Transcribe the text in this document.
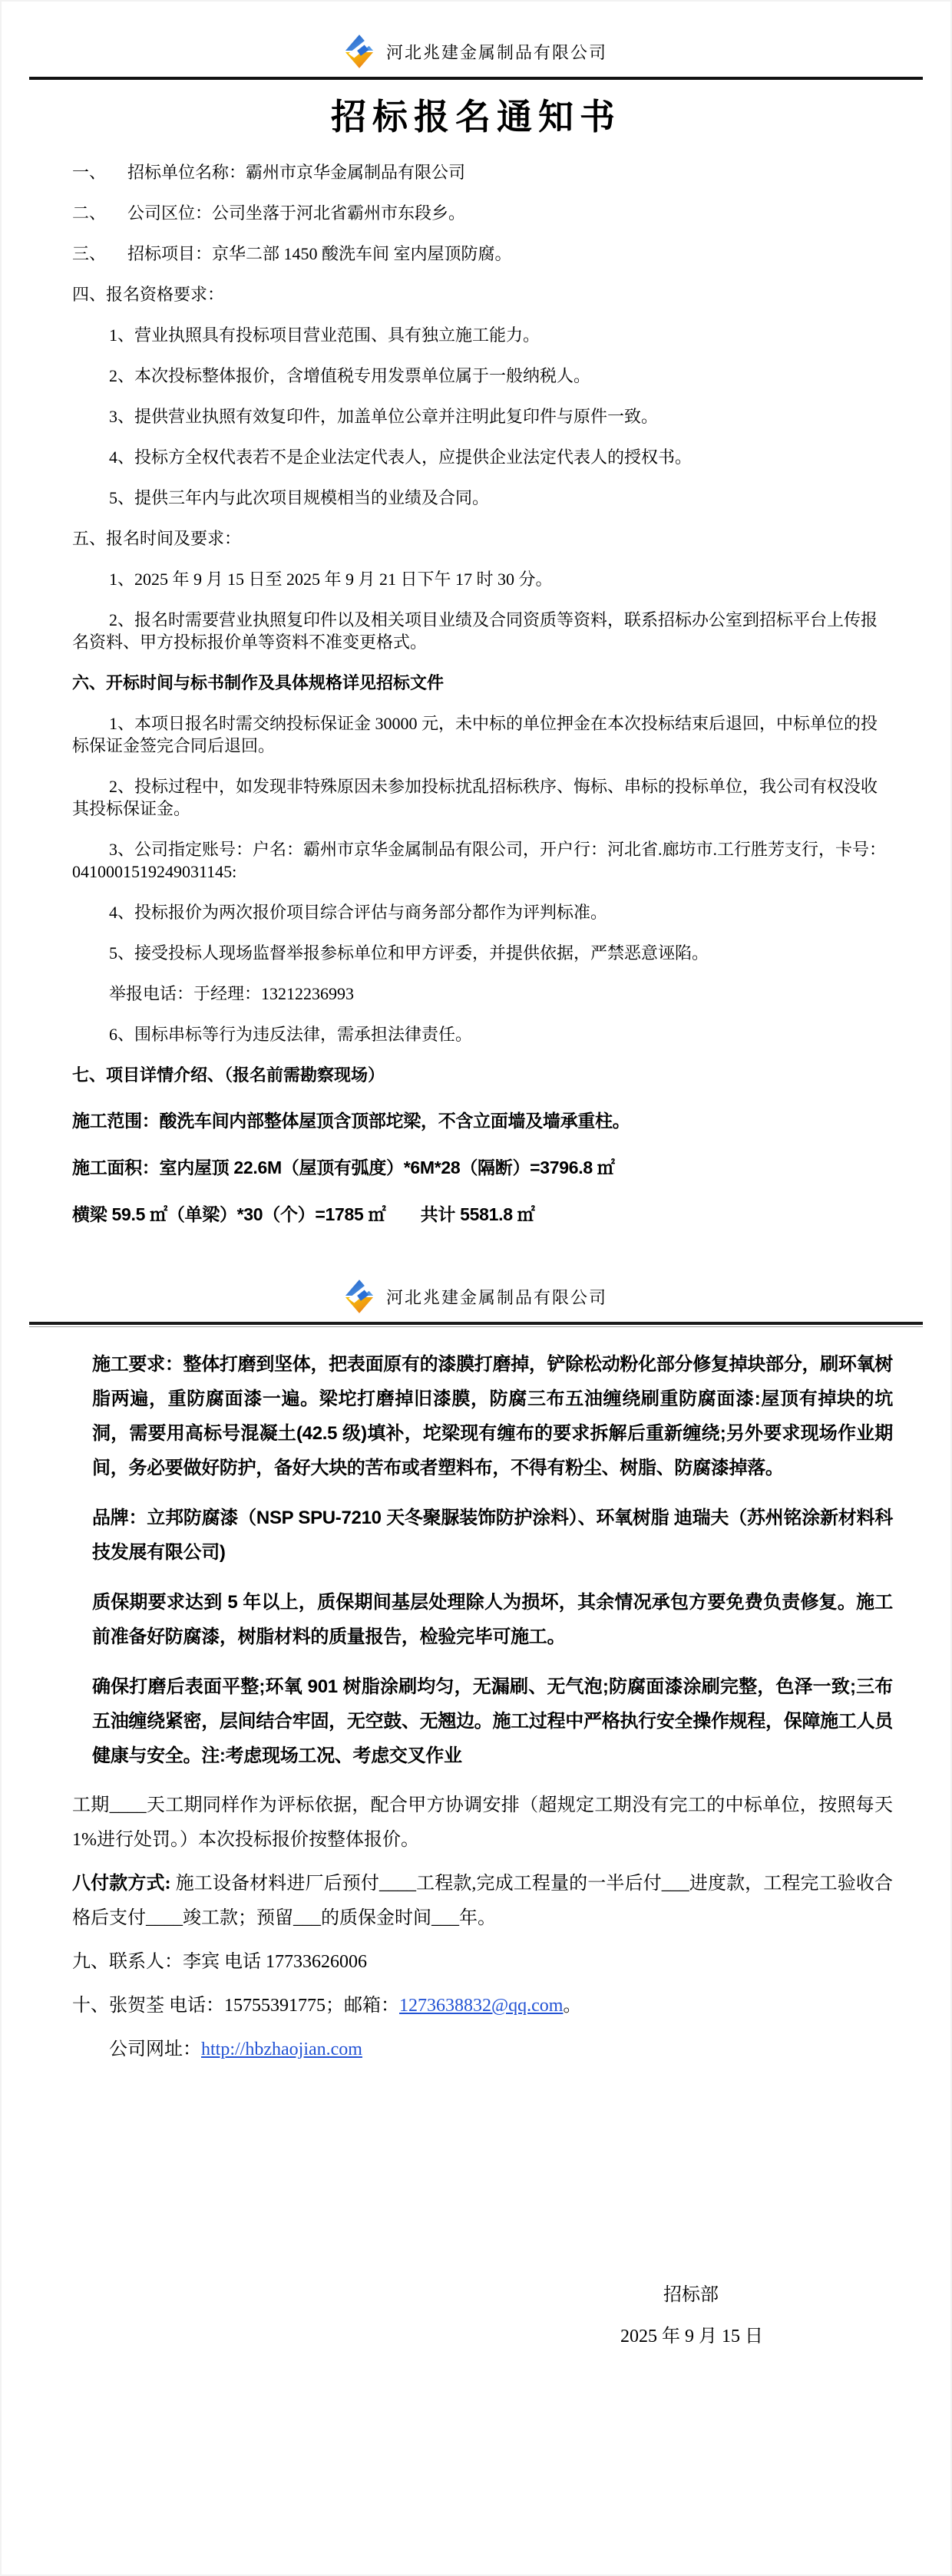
河北兆建金属制品有限公司
招标报名通知书
一、	招标单位名称：霸州市京华金属制品有限公司
二、	公司区位：公司坐落于河北省霸州市东段乡。
三、	招标项目：京华二部 1450 酸洗车间 室内屋顶防腐。

四、报名资格要求：

1、营业执照具有投标项目营业范围、具有独立施工能力。

2、本次投标整体报价，含增值税专用发票单位属于一般纳税人。

3、提供营业执照有效复印件，加盖单位公章并注明此复印件与原件一致。

4、投标方全权代表若不是企业法定代表人，应提供企业法定代表人的授权书。

5、提供三年内与此次项目规模相当的业绩及合同。

五、报名时间及要求：

1、2025 年 9 月 15 日至 2025 年 9 月 21 日下午 17 时 30 分。

2、报名时需要营业执照复印件以及相关项目业绩及合同资质等资料，联系招标办公室到招标平台上传报名资料、甲方投标报价单等资料不准变更格式。

六、开标时间与标书制作及具体规格详见招标文件

1、本项日报名时需交纳投标保证金 30000 元，未中标的单位押金在本次投标结束后退回，中标单位的投标保证金签完合同后退回。

2、投标过程中，如发现非特殊原因未参加投标扰乱招标秩序、悔标、串标的投标单位，我公司有权没收其投标保证金。

3、公司指定账号：户名：霸州市京华金属制品有限公司，开户行：河北省.廊坊市.工行胜芳支行，卡号：0410001519249031145:

4、投标报价为两次报价项目综合评估与商务部分都作为评判标准。

5、接受投标人现场监督举报参标单位和甲方评委，并提供依据，严禁恶意诬陷。

举报电话：于经理：13212236993

6、围标串标等行为违反法律，需承担法律责任。

七、项目详情介绍、（报名前需勘察现场）

施工范围：酸洗车间内部整体屋顶含顶部坨梁，不含立面墙及墙承重柱。

施工面积：室内屋顶 22.6M（屋顶有弧度）*6M*28（隔断）=3796.8 ㎡

横梁 59.5 ㎡（单梁）*30（个）=1785 ㎡　　共计 5581.8 ㎡

河北兆建金属制品有限公司

施工要求：整体打磨到坚体，把表面原有的漆膜打磨掉，铲除松动粉化部分修复掉块部分，刷环氧树脂两遍，重防腐面漆一遍。梁坨打磨掉旧漆膜，防腐三布五油缠绕刷重防腐面漆:屋顶有掉块的坑洞，需要用高标号混凝土(42.5 级)填补，坨梁现有缠布的要求拆解后重新缠绕;另外要求现场作业期间，务必要做好防护，备好大块的苦布或者塑料布，不得有粉尘、树脂、防腐漆掉落。

品牌：立邦防腐漆（NSP SPU-7210 天冬聚脲装饰防护涂料）、环氧树脂 迪瑞夫（苏州铭涂新材料科技发展有限公司)

质保期要求达到 5 年以上，质保期间基层处理除人为损坏，其余情况承包方要免费负责修复。施工前准备好防腐漆，树脂材料的质量报告，检验完毕可施工。

确保打磨后表面平整;环氧 901 树脂涂刷均匀，无漏刷、无气泡;防腐面漆涂刷完整，色泽一致;三布五油缠绕紧密，层间结合牢固，无空鼓、无翘边。施工过程中严格执行安全操作规程，保障施工人员健康与安全。注:考虑现场工况、考虑交叉作业

工期____天工期同样作为评标依据，配合甲方协调安排（超规定工期没有完工的中标单位，按照每天 1%进行处罚。）本次投标报价按整体报价。

八付款方式: 施工设备材料进厂后预付____工程款,完成工程量的一半后付___进度款，工程完工验收合格后支付____竣工款；预留___的质保金时间___年。

九、联系人：李宾 电话 17733626006

十、张贺荃 电话：15755391775；邮箱：1273638832@qq.com。

公司网址：http://hbzhaojian.com

招标部
2025 年 9 月 15 日
